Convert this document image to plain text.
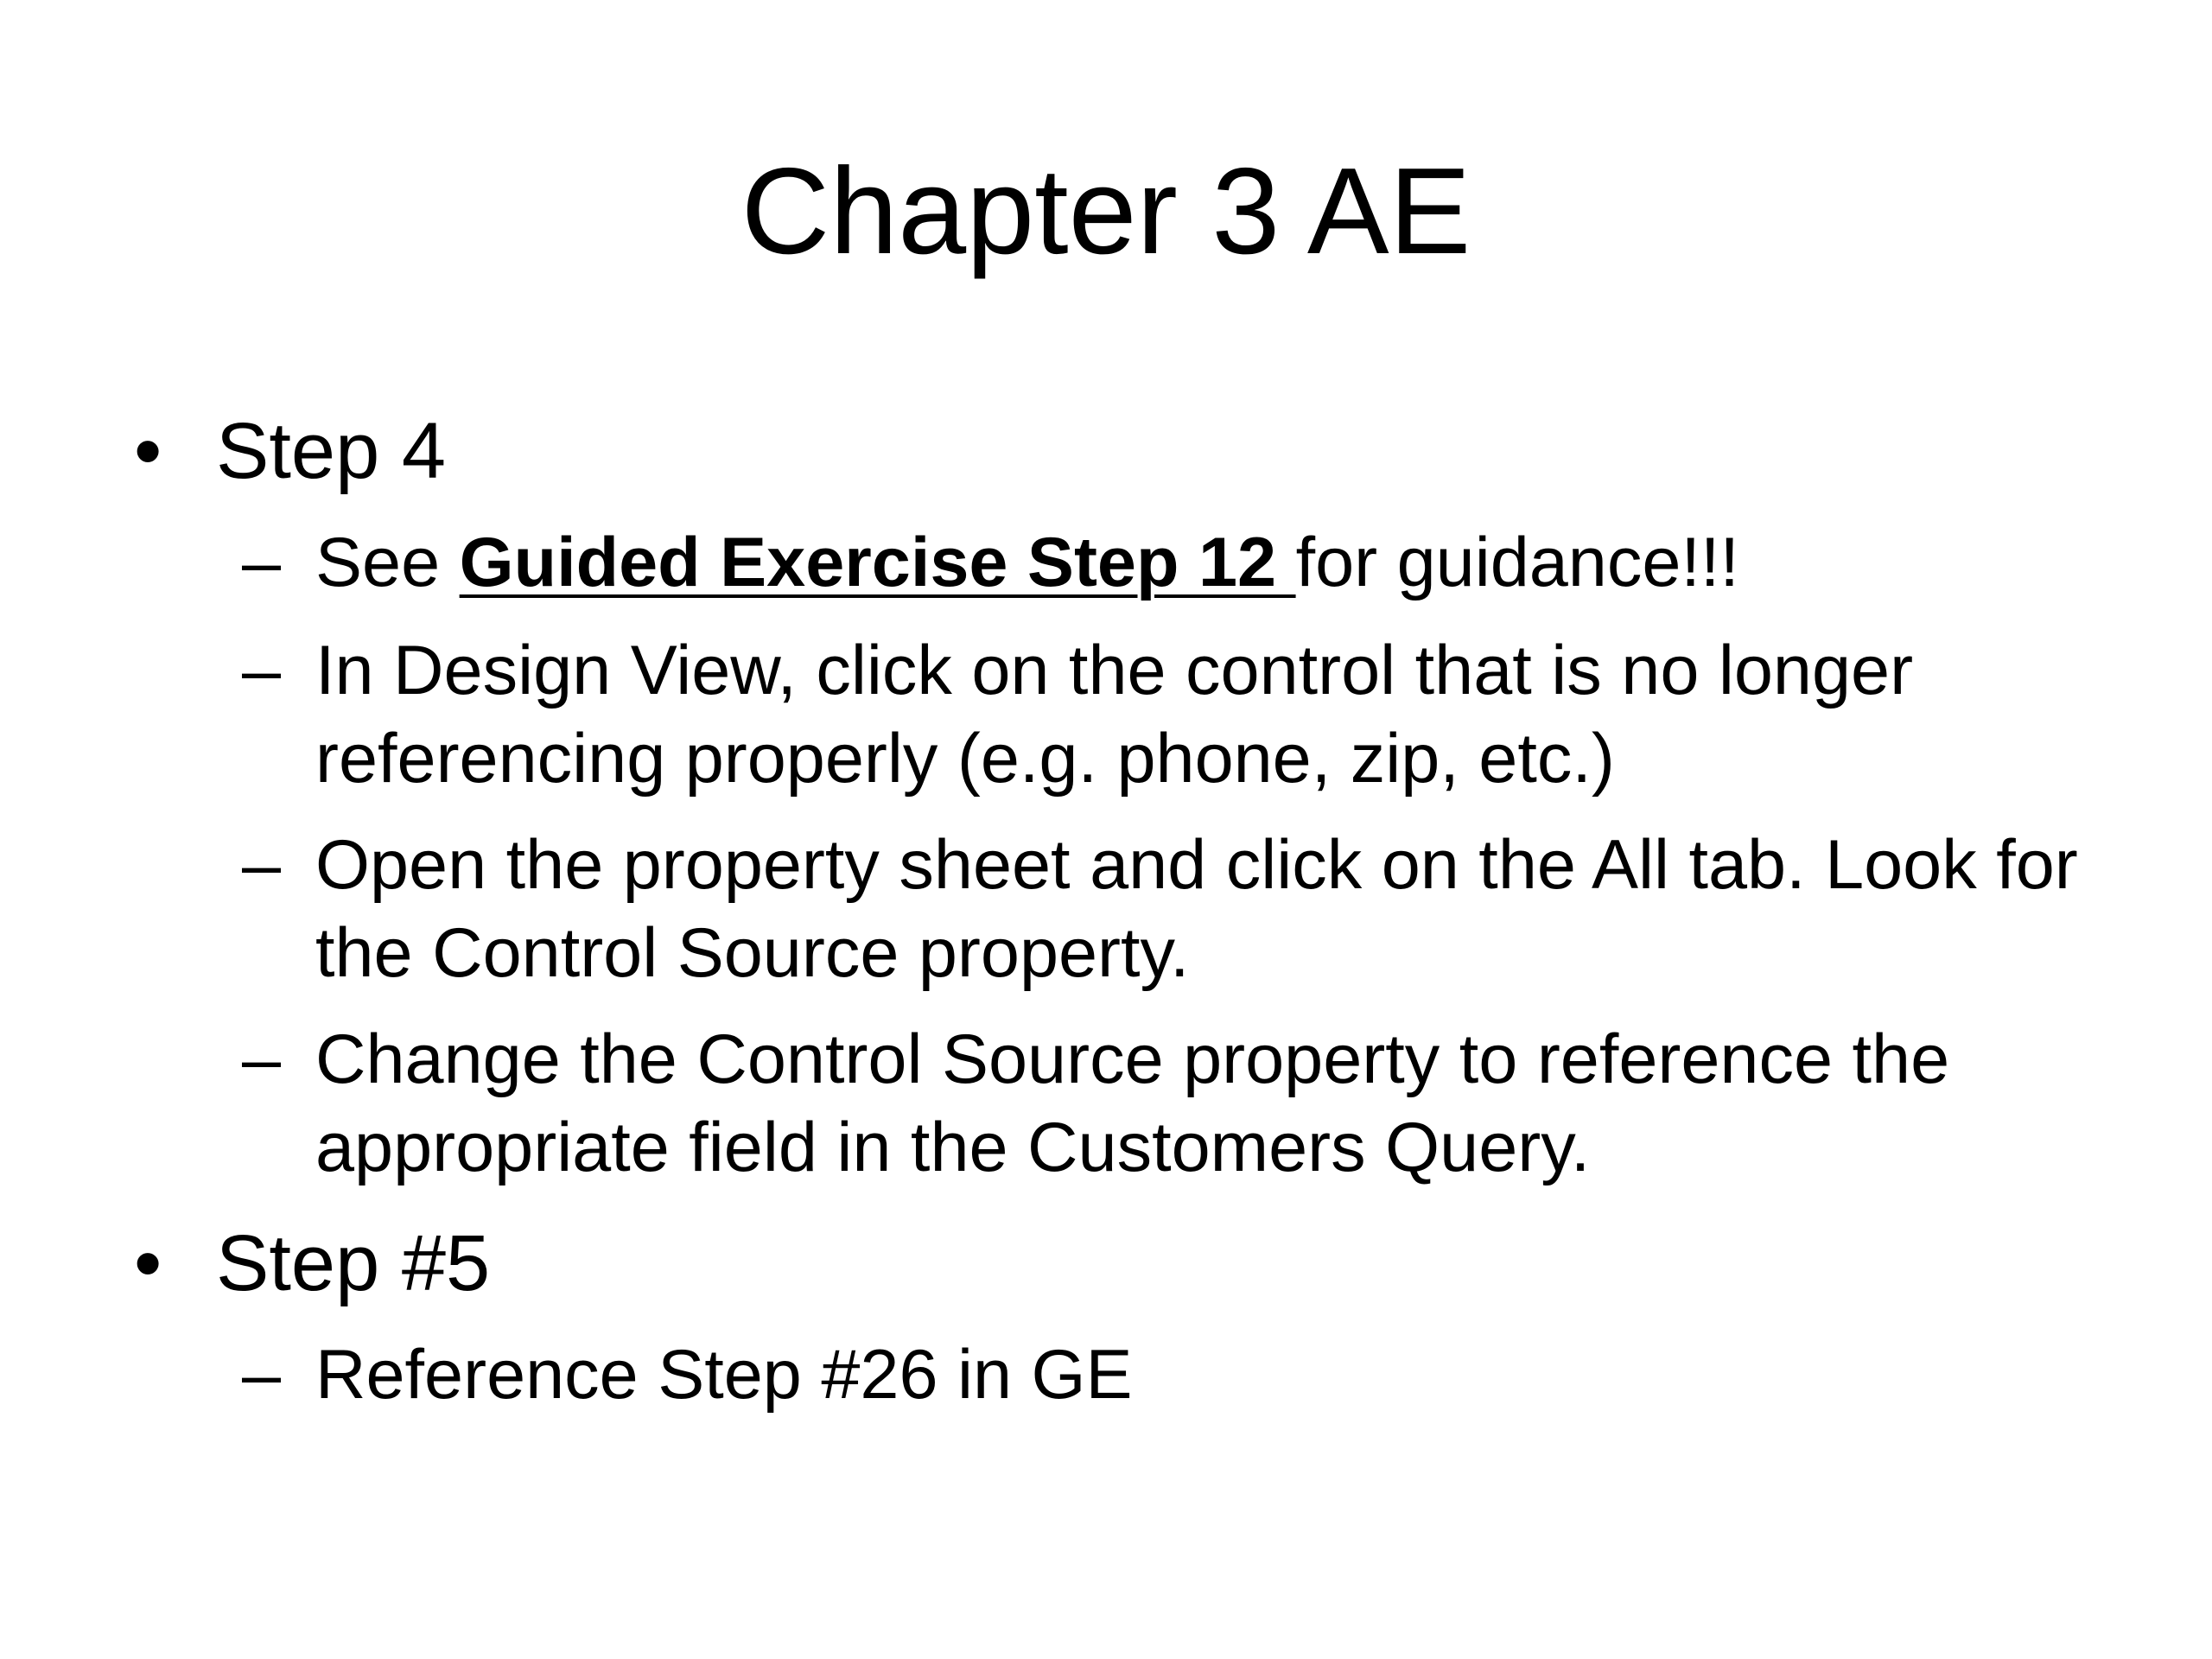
Chapter 3 AE
• Step 4
– See Guided Exercise Step 12 for guidance!!!
– In Design View, click on the control that is no longer referencing properly (e.g. phone, zip, etc.)
– Open the property sheet and click on the All tab. Look for the Control Source property.
– Change the Control Source property to reference the appropriate field in the Customers Query.
• Step #5
– Reference Step #26 in GE
